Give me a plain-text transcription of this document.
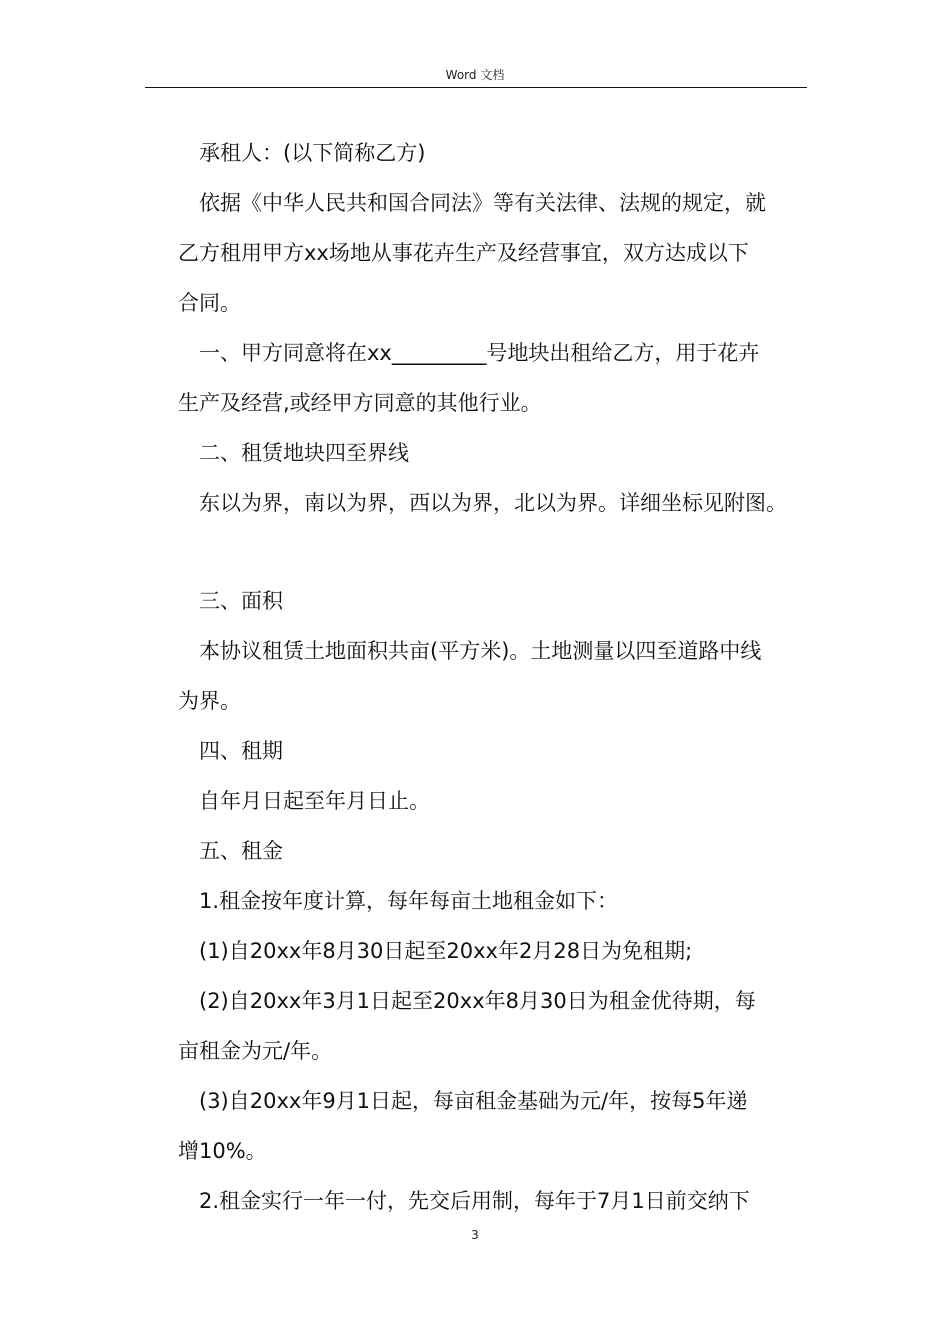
Word 文档
承租人：(以下简称乙方)
依据《中华人民共和国合同法》等有关法律、法规的规定，就
乙方租用甲方xx场地从事花卉生产及经营事宜，双方达成以下
合同。
一、甲方同意将在xx_________号地块出租给乙方，用于花卉
生产及经营,或经甲方同意的其他行业。
二、租赁地块四至界线
东以为界，南以为界，西以为界，北以为界。详细坐标见附图。
三、面积
本协议租赁土地面积共亩(平方米)。土地测量以四至道路中线
为界。
四、租期
自年月日起至年月日止。
五、租金
1.租金按年度计算，每年每亩土地租金如下：
(1)自20xx年8月30日起至20xx年2月28日为免租期;
(2)自20xx年3月1日起至20xx年8月30日为租金优待期，每
亩租金为元/年。
(3)自20xx年9月1日起，每亩租金基础为元/年，按每5年递
增10%。
2.租金实行一年一付，先交后用制，每年于7月1日前交纳下
3
